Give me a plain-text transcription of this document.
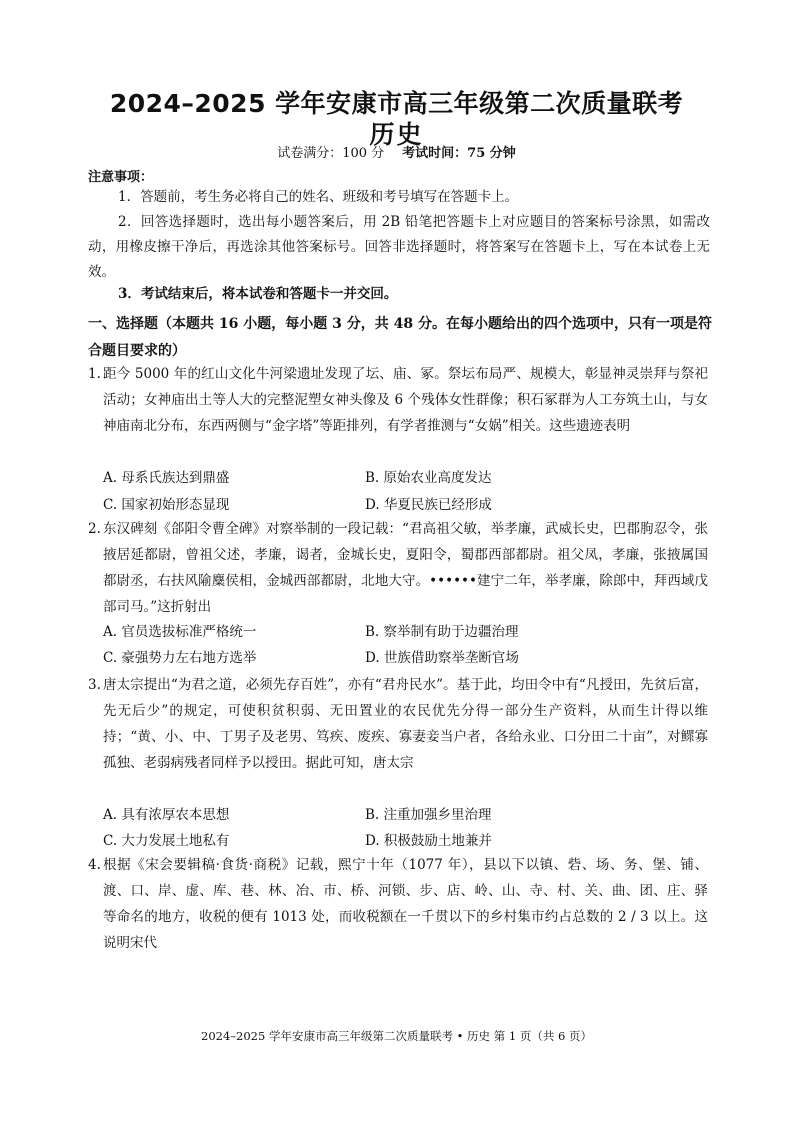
2024–2025 学年安康市高三年级第二次质量联考
历史
试卷满分：100 分 考试时间：75 分钟
注意事项：
1．答题前，考生务必将自己的姓名、班级和考号填写在答题卡上。
2．回答选择题时，选出每小题答案后，用 2B 铅笔把答题卡上对应题目的答案标号涂黑，如需改动，用橡皮擦干净后，再选涂其他答案标号。回答非选择题时，将答案写在答题卡上，写在本试卷上无效。
3．考试结束后，将本试卷和答题卡一并交回。
一、选择题（本题共 16 小题，每小题 3 分，共 48 分。在每小题给出的四个选项中，只有一项是符合题目要求的）
1. 距今 5000 年的红山文化牛河梁遗址发现了坛、庙、冢。祭坛布局严、规模大，彰显神灵崇拜与祭祀活动；女神庙出土等人大的完整泥塑女神头像及 6 个残体女性群像；积石冢群为人工夯筑土山，与女神庙南北分布，东西两侧与“金字塔”等距排列，有学者推测与“女娲”相关。这些遗迹表明
A. 母系氏族达到鼎盛	B. 原始农业高度发达
C. 国家初始形态显现	D. 华夏民族已经形成
2. 东汉碑刻《郃阳令曹全碑》对察举制的一段记载：“君高祖父敏，举孝廉，武威长史，巴郡朐忍令，张掖居延都尉，曾祖父述，孝廉，谒者，金城长史，夏阳令，蜀郡西部都尉。祖父凤，孝廉，张掖属国都尉丞，右扶风隃麋侯相，金城西部都尉，北地大守。••••••建宁二年，举孝廉，除郎中，拜西域戊部司马。”这折射出
A. 官员选拔标准严格统一	B. 察举制有助于边疆治理
C. 豪强势力左右地方选举	D. 世族借助察举垄断官场
3. 唐太宗提出“为君之道，必须先存百姓”，亦有“君舟民水”。基于此，均田令中有“凡授田，先贫后富，先无后少”的规定，可使积贫积弱、无田置业的农民优先分得一部分生产资料，从而生计得以维持；“黄、小、中、丁男子及老男、笃疾、废疾、寡妻妾当户者，各给永业、口分田二十亩”，对鳏寡孤独、老弱病残者同样予以授田。据此可知，唐太宗
A. 具有浓厚农本思想	B. 注重加强乡里治理
C. 大力发展土地私有	D. 积极鼓励土地兼并
4. 根据《宋会要辑稿·食货·商税》记载，熙宁十年（1077 年），县以下以镇、砦、场、务、堡、铺、渡、口、岸、虚、库、巷、林、冶、市、桥、河锁、步、店、岭、山、寺、村、关、曲、团、庄、驿等命名的地方，收税的便有 1013 处，而收税额在一千贯以下的乡村集市约占总数的 2 / 3 以上。这说明宋代
2024–2025 学年安康市高三年级第二次质量联考 • 历史 第 1 页（共 6 页）
